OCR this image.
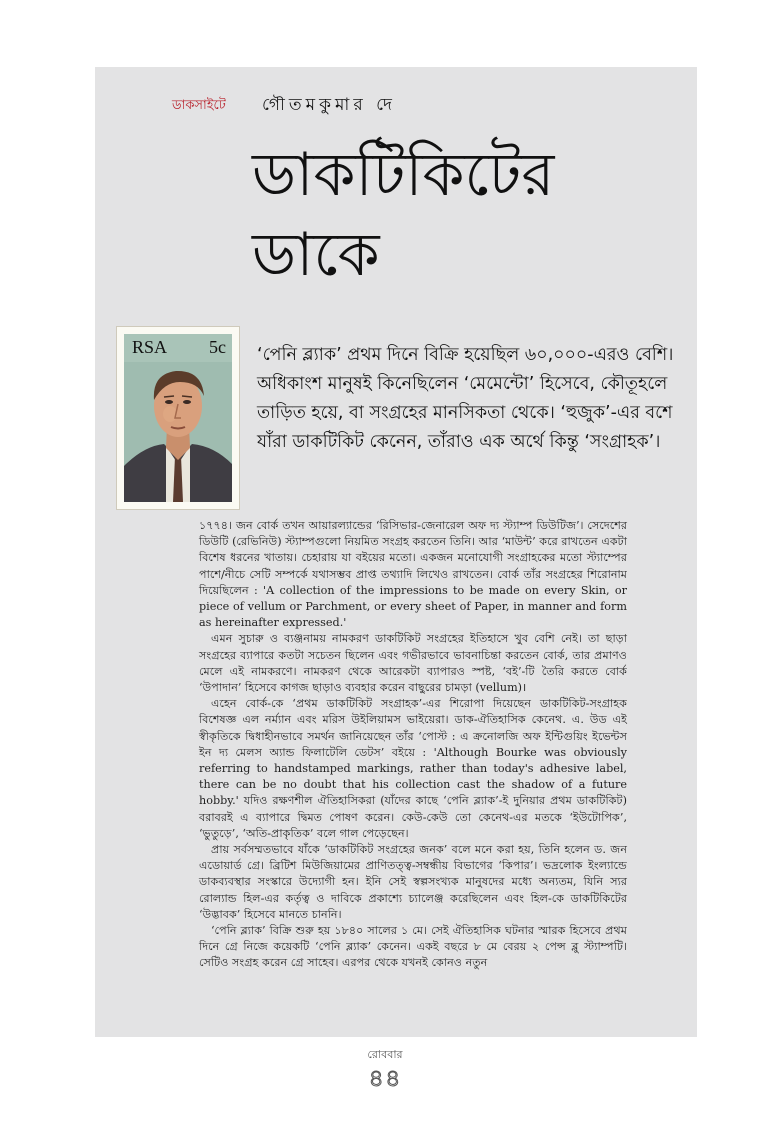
ডাকসাইটে গৌতমকুমার দে
ডাকটিকিটের ডাকে
RSA 5c ‘পেনি ব্ল্যাক’ প্রথম দিনে বিক্রি হয়েছিল ৬০,০০০-এরও বেশি। অধিকাংশ মানুষই কিনেছিলেন ‘মেমেন্টো’ হিসেবে, কৌতূহলে তাড়িত হয়ে, বা সংগ্রহের মানসিকতা থেকে। ‘হুজুক’-এর বশে যাঁরা ডাকটিকিট কেনেন, তাঁরাও এক অর্থে কিন্তু ‘সংগ্রাহক’।

১৭৭৪। জন বোর্ক তখন আয়ারল্যান্ডের ‘রিসিভার-জেনারেল অফ দ্য স্ট্যাম্প ডিউটিজ’। সেদেশের ডিউটি (রেভিনিউ) স্ট্যাম্পগুলো নিয়মিত সংগ্রহ করতেন তিনি। আর ‘মাউন্ট’ করে রাখতেন একটা বিশেষ ধরনের খাতায়। চেহারায় যা বইয়ের মতো। একজন মনোযোগী সংগ্রাহকের মতো স্ট্যাম্পের পাশে/নীচে সেটি সম্পর্কে যথাসম্ভব প্রাপ্ত তথ্যাদি লিখেও রাখতেন। বোর্ক তাঁর সংগ্রহের শিরোনাম দিয়েছিলেন : 'A collection of the impressions to be made on every Skin, or piece of vellum or Parchment, or every sheet of Paper, in manner and form as hereinafter expressed.'

এমন সুচারু ও ব্যঞ্জনাময় নামকরণ ডাকটিকিট সংগ্রহের ইতিহাসে খুব বেশি নেই। তা ছাড়া সংগ্রহের ব্যাপারে কতটা সচেতন ছিলেন এবং গভীরভাবে ভাবনাচিন্তা করতেন বোর্ক, তার প্রমাণও মেলে এই নামকরণে। নামকরণ থেকে আরেকটা ব্যাপারও স্পষ্ট, ‘বই’-টি তৈরি করতে বোর্ক ‘উপাদান’ হিসেবে কাগজ ছাড়াও ব্যবহার করেন বাছুরের চামড়া (vellum)।

এহেন বোর্ক-কে ‘প্রথম ডাকটিকিট সংগ্রাহক’-এর শিরোপা দিয়েছেন ডাকটিকিট-সংগ্রাহক বিশেষজ্ঞ এল নর্ম্যান এবং মরিস উইলিয়ামস ভাইয়েরা। ডাক-ঐতিহাসিক কেনেথ. এ. উড এই স্বীকৃতিকে দ্বিধাহীনভাবে সমর্থন জানিয়েছেন তাঁর ‘পোস্ট : এ ক্রনোলজি অফ ইন্টিগুয়িং ইভেন্টস ইন দ্য মেলস অ্যান্ড ফিলাটেলি ডেটস’ বইয়ে : 'Although Bourke was obviously referring to handstamped markings, rather than today's adhesive label, there can be no doubt that his collection cast the shadow of a future hobby.' যদিও রক্ষণশীল ঐতিহাসিকরা (যাঁদের কাছে ‘পেনি ব্ল্যাক’-ই দুনিয়ার প্রথম ডাকটিকিট) বরাবরই এ ব্যাপারে দ্বিমত পোষণ করেন। কেউ-কেউ তো কেনেথ-এর মতকে ‘ইউটোপিক’, ‘ভুতুড়ে’, ‘অতি-প্রাকৃতিক’ বলে গাল পেড়েছেন।

প্রায় সর্বসম্মতভাবে যাঁকে ‘ডাকটিকিট সংগ্রহের জনক’ বলে মনে করা হয়, তিনি হলেন ড. জন এডোয়ার্ড গ্রে। ব্রিটিশ মিউজিয়ামের প্রাণিতত্ত্ব-সম্বন্ধীয় বিভাগের ‘কিপার’। ভদ্রলোক ইংল্যান্ডে ডাকব্যবস্থার সংস্কারে উদ্যোগী হন। ইনি সেই স্বল্পসংখ্যক মানুষদের মধ্যে অন্যতম, যিনি স্যর রোল্যান্ড হিল-এর কর্তৃত্ব ও দাবিকে প্রকাশ্যে চ্যালেঞ্জ করেছিলেন এবং হিল-কে ডাকটিকিটের ‘উদ্ভাবক’ হিসেবে মানতে চাননি।

‘পেনি ব্ল্যাক’ বিক্রি শুরু হয় ১৮৪০ সালের ১ মে। সেই ঐতিহাসিক ঘটনার স্মারক হিসেবে প্রথম দিনে গ্রে নিজে কয়েকটি ‘পেনি ব্ল্যাক’ কেনেন। একই বছরে ৮ মে বেরয় ২ পেন্স ব্লু স্ট্যাম্পটি। সেটিও সংগ্রহ করেন গ্রে সাহেব। এরপর থেকে যখনই কোনও নতুন

রোববার
৪৪
